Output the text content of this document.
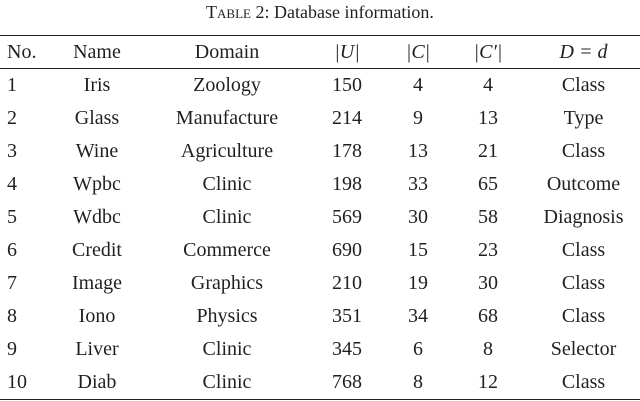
Table 2: Database information.
No.	Name	Domain	|U|	|C|	|C′|	D = d
1	Iris	Zoology	150	4	4	Class
2	Glass	Manufacture	214	9	13	Type
3	Wine	Agriculture	178	13	21	Class
4	Wpbc	Clinic	198	33	65	Outcome
5	Wdbc	Clinic	569	30	58	Diagnosis
6	Credit	Commerce	690	15	23	Class
7	Image	Graphics	210	19	30	Class
8	Iono	Physics	351	34	68	Class
9	Liver	Clinic	345	6	8	Selector
10	Diab	Clinic	768	8	12	Class
